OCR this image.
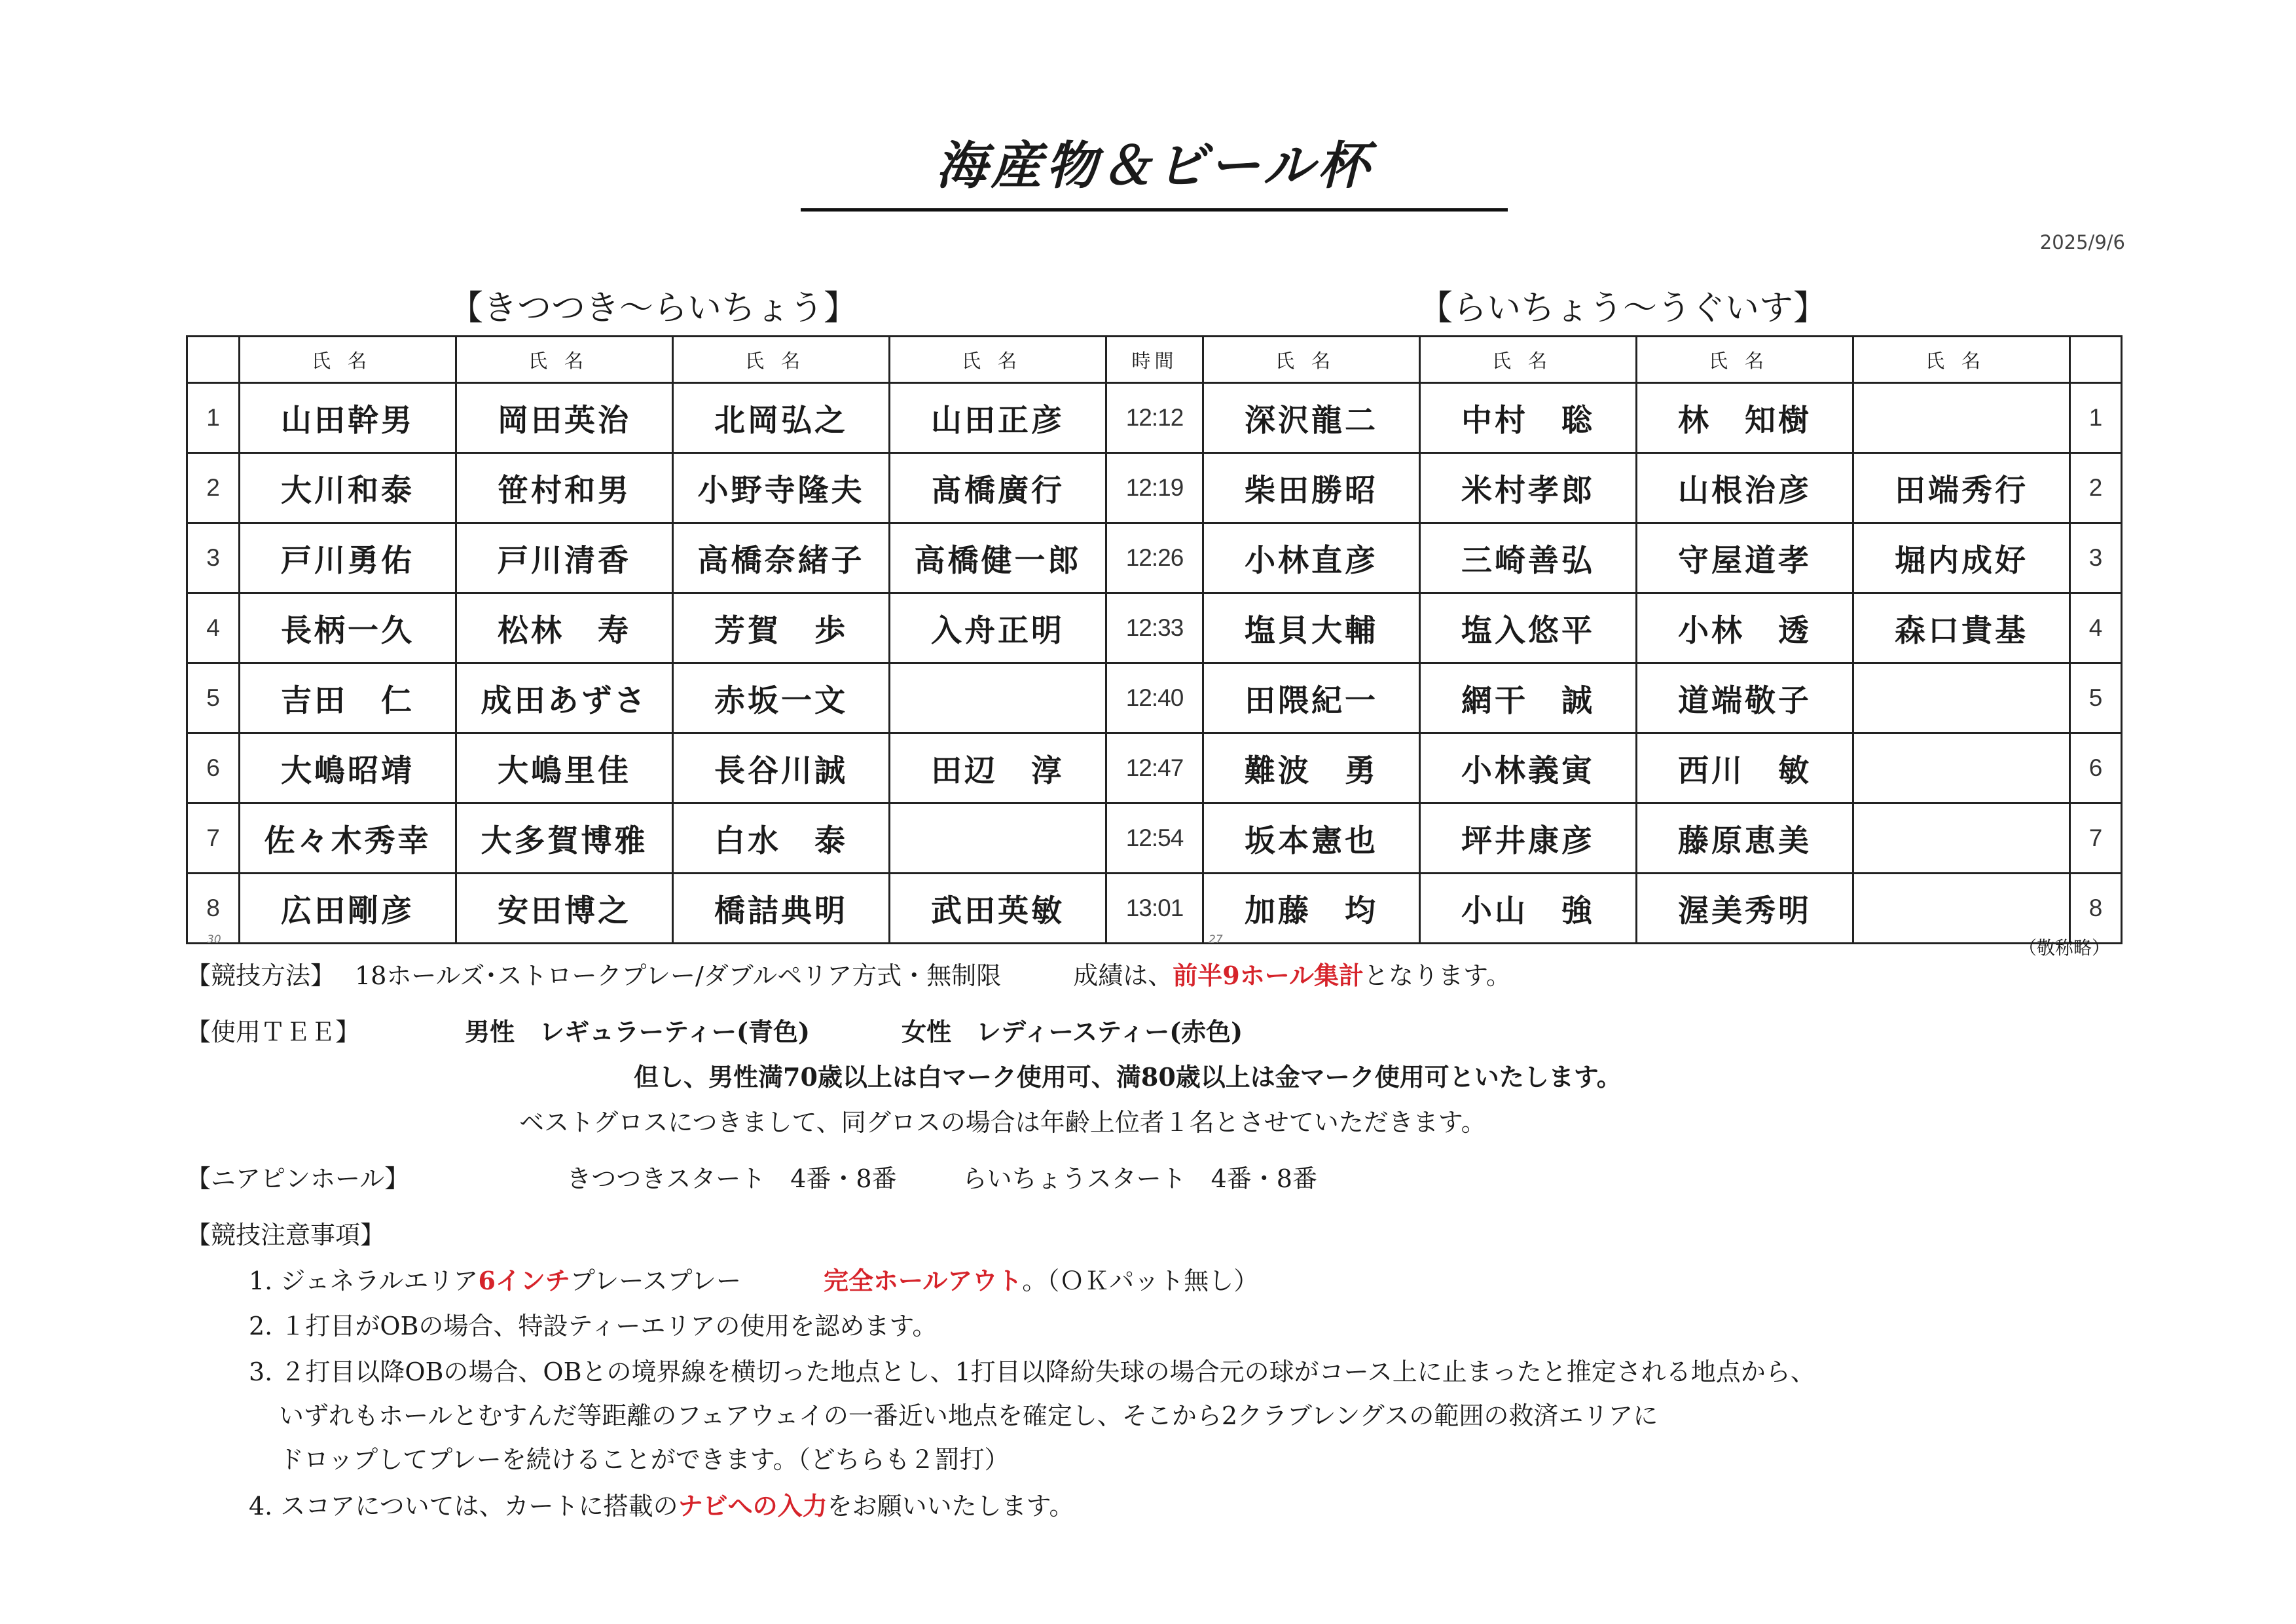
海産物＆ビール杯
2025/9/6
【きつつき〜らいちょう】	【らいちょう〜うぐいす】
	氏名	氏名	氏名	氏名	時間	氏名	氏名	氏名	氏名	
1	山田幹男	岡田英治	北岡弘之	山田正彦	12:12	深沢龍二	中村　聡	林　知樹		1
2	大川和泰	笹村和男	小野寺隆夫	髙橋廣行	12:19	柴田勝昭	米村孝郎	山根治彦	田端秀行	2
3	戸川勇佑	戸川清香	高橋奈緒子	高橋健一郎	12:26	小林直彦	三崎善弘	守屋道孝	堀内成好	3
4	長柄一久	松林　寿	芳賀　歩	入舟正明	12:33	塩貝大輔	塩入悠平	小林　透	森口貴基	4
5	吉田　仁	成田あずさ	赤坂一文		12:40	田隈紀一	網干　誠	道端敬子		5
6	大嶋昭靖	大嶋里佳	長谷川誠	田辺　淳	12:47	難波　勇	小林義寅	西川　敏		6
7	佐々木秀幸	大多賀博雅	白水　泰		12:54	坂本憲也	坪井康彦	藤原恵美		7
8	広田剛彦	安田博之	橋詰典明	武田英敏	13:01	加藤　均	小山　強	渥美秀明		8
30	27	（敬称略）
【競技方法】 18ホールズ･ストロークプレー/ダブルペリア方式・無制限	成績は、前半9ホール集計となります。
【使用ＴＥＥ】	男性　レギュラーティー(青色)	女性　レディースティー(赤色)
但し、男性満70歳以上は白マーク使用可、満80歳以上は金マーク使用可といたします。
ベストグロスにつきまして、同グロスの場合は年齢上位者１名とさせていただきます。
【ニアピンホール】	きつつきスタート　4番・8番	らいちょうスタート　4番・8番
【競技注意事項】
1. ジェネラルエリア6インチプレースプレー　　完全ホールアウト。（ＯＫパット無し）
2. １打目がOBの場合、特設ティーエリアの使用を認めます。
3. ２打目以降OBの場合、OBとの境界線を横切った地点とし、1打目以降紛失球の場合元の球がコース上に止まったと推定される地点から、
いずれもホールとむすんだ等距離のフェアウェイの一番近い地点を確定し、そこから2クラブレングスの範囲の救済エリアに
ドロップしてプレーを続けることができます。（どちらも２罰打）
4. スコアについては、カートに搭載のナビへの入力をお願いいたします。
